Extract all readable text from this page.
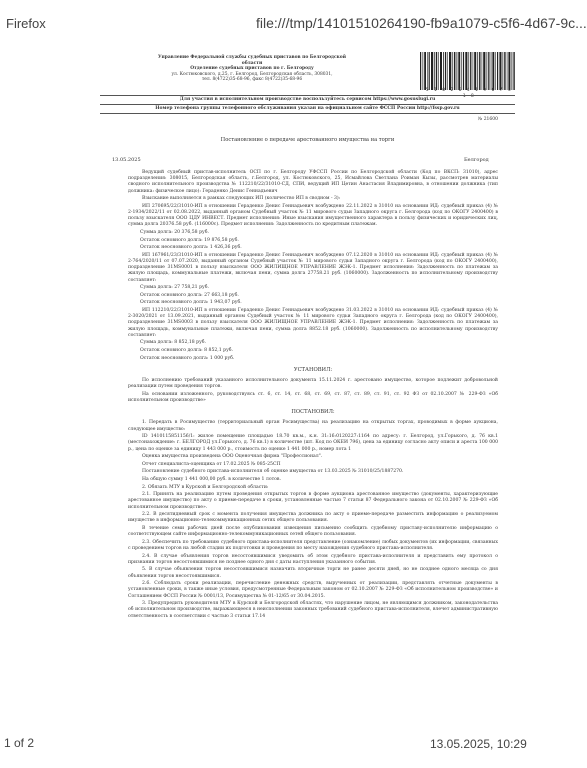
Firefox	file:///tmp/14101510264190-fb9a1079-c5f6-4d67-9c...
Управление Федеральной службы судебных приставов по Белгородской
области
Отделение судебных приставов по г. Белгороду
ул. Костюковского, д.25, г. Белгород, Белгородская область, 308031,
тел. 8(4722)35-68-96, факс 8(4722)35-68-96
5 1 0 2 6 4 1 9 0 7 3 1 8
Для участия в исполнительном производстве воспользуйтесь сервисом https://www.gosuslugi.ru
Номер телефона группы телефонного обслуживания указан на официальном сайте ФССП России http://fssp.gov.ru
№ 21600
Постановление о передаче арестованного имущества на торги
13.05.2025	Белгород

Ведущий судебный пристав-исполнитель ОСП по г. Белгороду УФССП России по Белгородской области (Код по ВКСП: 31010), адрес подразделения: 308015, Белгородская область, г.Белгород, ул. Костюковского, 25, Исмайлова Светлана Роиман Кызы, рассмотрев материалы сводного исполнительного производства № 112210/22/31010-СД, СПИ, ведущий ИП Цетин Анастасия Владимировна, в отношении должника (тип должника: физическое лицо): Гераденко Денис Геннадьевич

Взыскание выполняется в рамках следующих ИП (количество ИП в сводном - 3):

ИП 270695/22/31010-ИП в отношении Гераденко Денис Геннадьевич возбуждено 22.11.2022 в 31010 на основании ИД: судебный приказ (4) № 2-1934/2022/11 от 02.08.2022, выданный органом Судебный участок № 11 мирового судьи Западного округа г. Белгорода (код по ОКОГУ 2400400) в пользу взыскателя ООО ЦДУ ИНВЕСТ. Предмет исполнения: Иные взыскания имущественного характера в пользу физических и юридических лиц, сумма долга 20376.58 руб. (116000с). Предмет исполнения: Задолженность по кредитным платежам.

Сумма долга: 20 376,58 руб.

Остаток основного долга: 19 876,58 руб.

Остаток неосновного долга: 1 426,36 руб.

ИП 167961/23/31010-ИП в отношении Гераденко Денис Геннадьевич возбуждено 07.12.2020 в 31010 на основании ИД: судебный приказ (4) № 2-764/2020/11 от 07.07.2020, выданный органом Судебный участок № 11 мирового судьи Западного округа г. Белгорода (код по ОКОГУ 2400400), подразделение 31МS0001 в пользу взыскателя ООО ЖИЛИЩНОЕ УПРАВЛЕНИЕ ЖЭК-1. Предмет исполнения: Задолженность по платежам за жилую площадь, коммунальные платежи, включая пени, сумма долга 27758.21 руб. (1060000). Задолженность по исполнительному производству составляет:

Сумма долга: 27 758,21 руб.

Остаток основного долга: 27 663,18 руб.

Остаток неосновного долга: 1 943,07 руб.

ИП 112210/22/31010-ИП в отношении Гераденко Денис Геннадьевич возбуждено 31.03.2022 в 31010 на основании ИД: судебный приказ (4) № 2-3020/2021 от 13.09.2021, выданный органом Судебный участок № 11 мирового судьи Западного округа г. Белгорода (код по ОКОГУ 2400400), подразделение 31МS0003 в пользу взыскателя ООО ЖИЛИЩНОЕ УПРАВЛЕНИЕ ЖЭК-1. Предмет исполнения: Задолженность по платежам за жилую площадь, коммунальные платежи, включая пени, сумма долга 8852.18 руб. (1060000). Задолженность по исполнительному производству составляет:

Сумма долга: 8 852,18 руб.

Остаток основного долга: 8 852,1 руб.

Остаток неосновного долга: 1 000 руб.

УСТАНОВИЛ:

По исполнению требований указанного исполнительного документа 15.11.2024 г. арестовано имущество, которое подлежит добровольной реализации путем проведения торгов.

На основании изложенного, руководствуясь ст. 6, ст. 14, ст. 68, ст. 69, ст. 87, ст. 89, ст. 91, ст. 92 ФЗ от 02.10.2007 № 229-ФЗ «Об исполнительном производстве»

ПОСТАНОВИЛ:

1. Передать в Росимущество (территориальный орган Росимущества) на реализацию на открытых торгах, проводимых в форме аукциона, следующее имущество:

ID 1410115851156/1: жилое помещение площадью 18.70 кв.м., к.н. 31:16:0120227:1164 по адресу: г. Белгород, ул.Горького, д. 76 кв.1 (местонахождение: г. БЕЛГОРОД ул.Горького, д. 76 кв.1) в количестве (шт. Код по ОКЕИ 796), цена за единицу согласно акту описи и ареста 100 000 р., цена по оценке за единицу 1 443 000 р., стоимость по оценке 1 441 000 р., номер лота 1

Оценка имущества произведена ООО Оценочная фирма "Профессионал".

Отчет специалиста-оценщика от 17.02.2025 № 085-25СП

Постановление судебного пристава-исполнителя об оценке имущества от 13.03.2025 № 31010/25/1887270.

На общую сумму 1 441 000,00 руб. в количестве 1 лотов.

2. Обязать МТУ в Курской и Белгородской области:

2.1. Принять на реализацию путем проведения открытых торгов в форме аукциона арестованное имущество (документы, характеризующие арестованное имущество) по акту о приеме-передаче в сроки, установленные частью 7 статьи 87 Федерального закона от 02.10.2007 № 229-ФЗ «Об исполнительном производстве».

2.2. В десятидневный срок с момента получения имущества должника по акту о приеме-передаче разместить информацию о реализуемом имуществе в информационно-телекоммуникационных сетях общего пользования.

В течение семи рабочих дней после опубликования извещения письменно сообщить судебному приставу-исполнителю информацию о соответствующем сайте информационно-телекоммуникационных сетей общего пользования.

2.3. Обеспечить по требованию судебного пристава-исполнителя представление (ознакомление) любых документов (их информации, связанных с проведением торгов на любой стадии их подготовки и проведения по месту нахождения судебного пристава-исполнителя.

2.4. В случае объявления торгов несостоявшимися уведомить об этом судебного пристава-исполнителя и представить ему протокол о признании торгов несостоявшимися не позднее одного дня с даты наступления указанного события.

5. В случае объявления торгов несостоявшимися назначить вторичные торги не ранее десяти дней, но не позднее одного месяца со дня объявления торгов несостоявшимися.

2.6. Соблюдать сроки реализации, перечисление денежных средств, вырученных от реализации, представлять отчетные документы в установленные сроки, в также иные условия, предусмотренные Федеральным законом от 02.10.2007 № 229-ФЗ «Об исполнительном производстве» и Соглашением ФССП России № 0001/13, Росимущества № 01-12/65 от 30.04.2015.

3. Предупредить руководителя МТУ в Курской и Белгородской областях, что нарушение лицом, не являющимся должником, законодательства об исполнительном производстве, выражающееся в неисполнении законных требований судебного пристава-исполнителя, влечет административную ответственность в соответствии с частью 3 статьи 17.14

1 of 2	13.05.2025, 10:29
